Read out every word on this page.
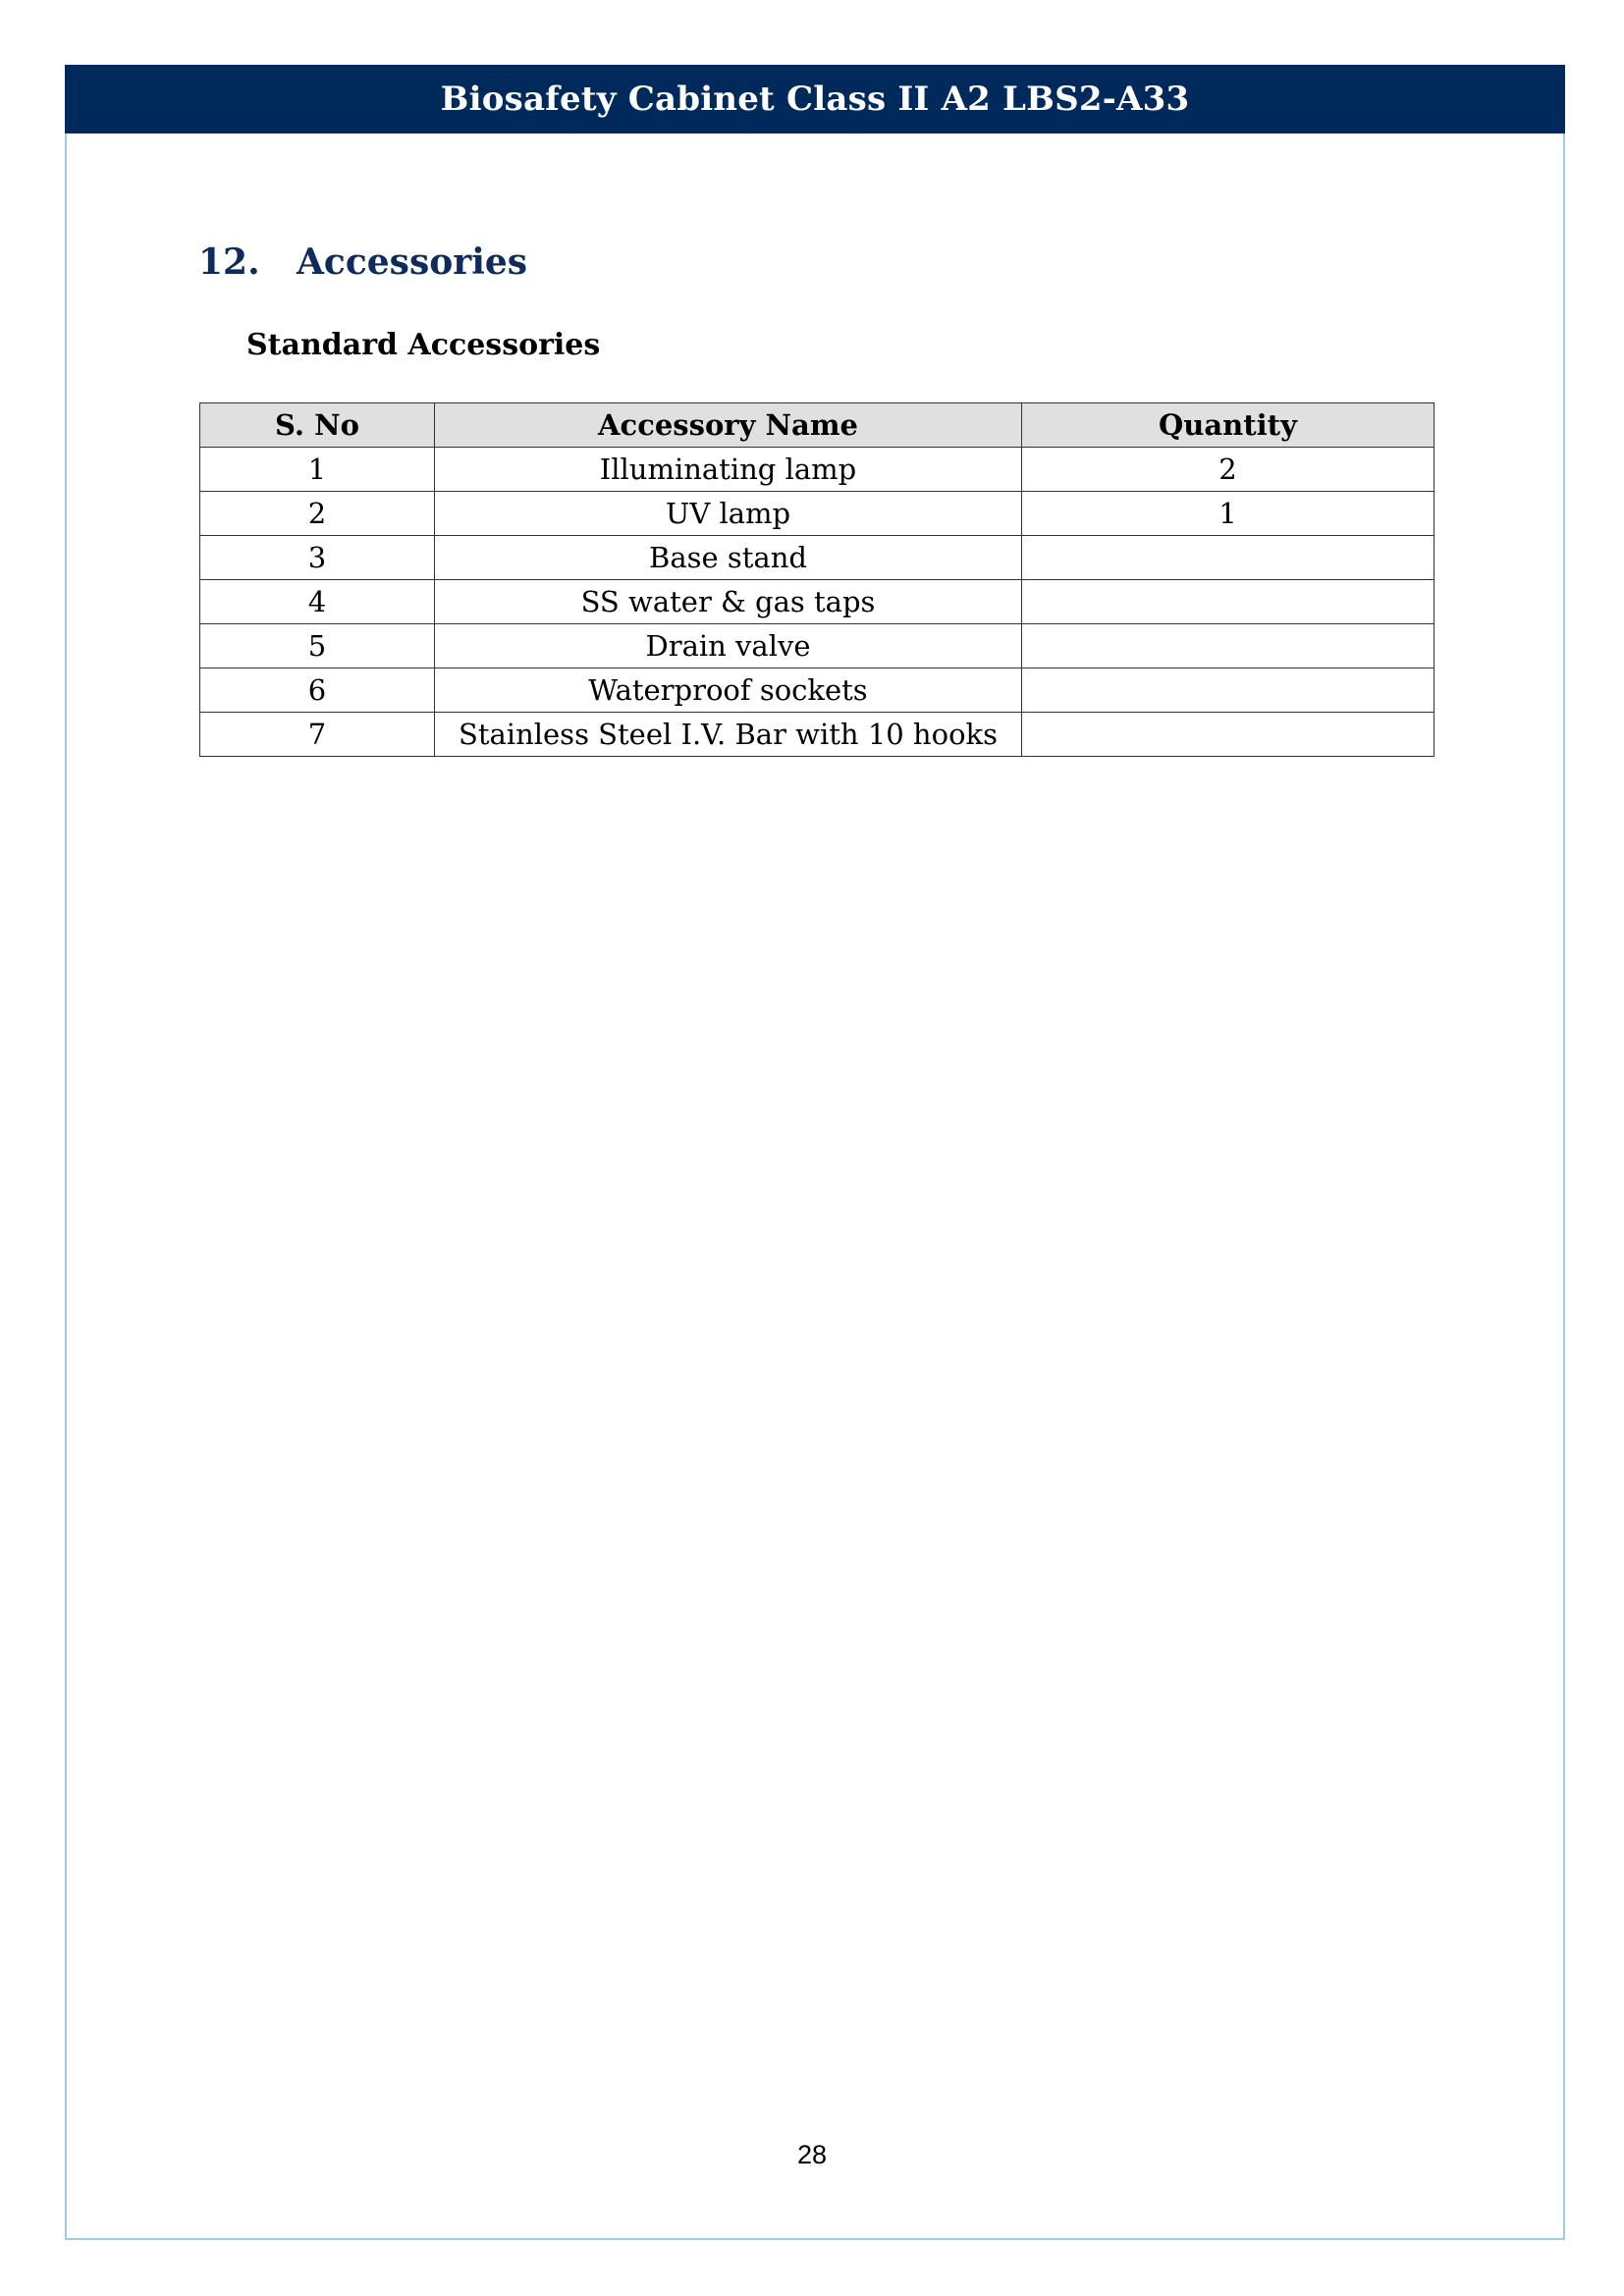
Biosafety Cabinet Class II A2 LBS2-A33
12.	Accessories
Standard Accessories
S. No	Accessory Name	Quantity
1	Illuminating lamp	2
2	UV lamp	1
3	Base stand	
4	SS water & gas taps	
5	Drain valve	
6	Waterproof sockets	
7	Stainless Steel I.V. Bar with 10 hooks	
28
